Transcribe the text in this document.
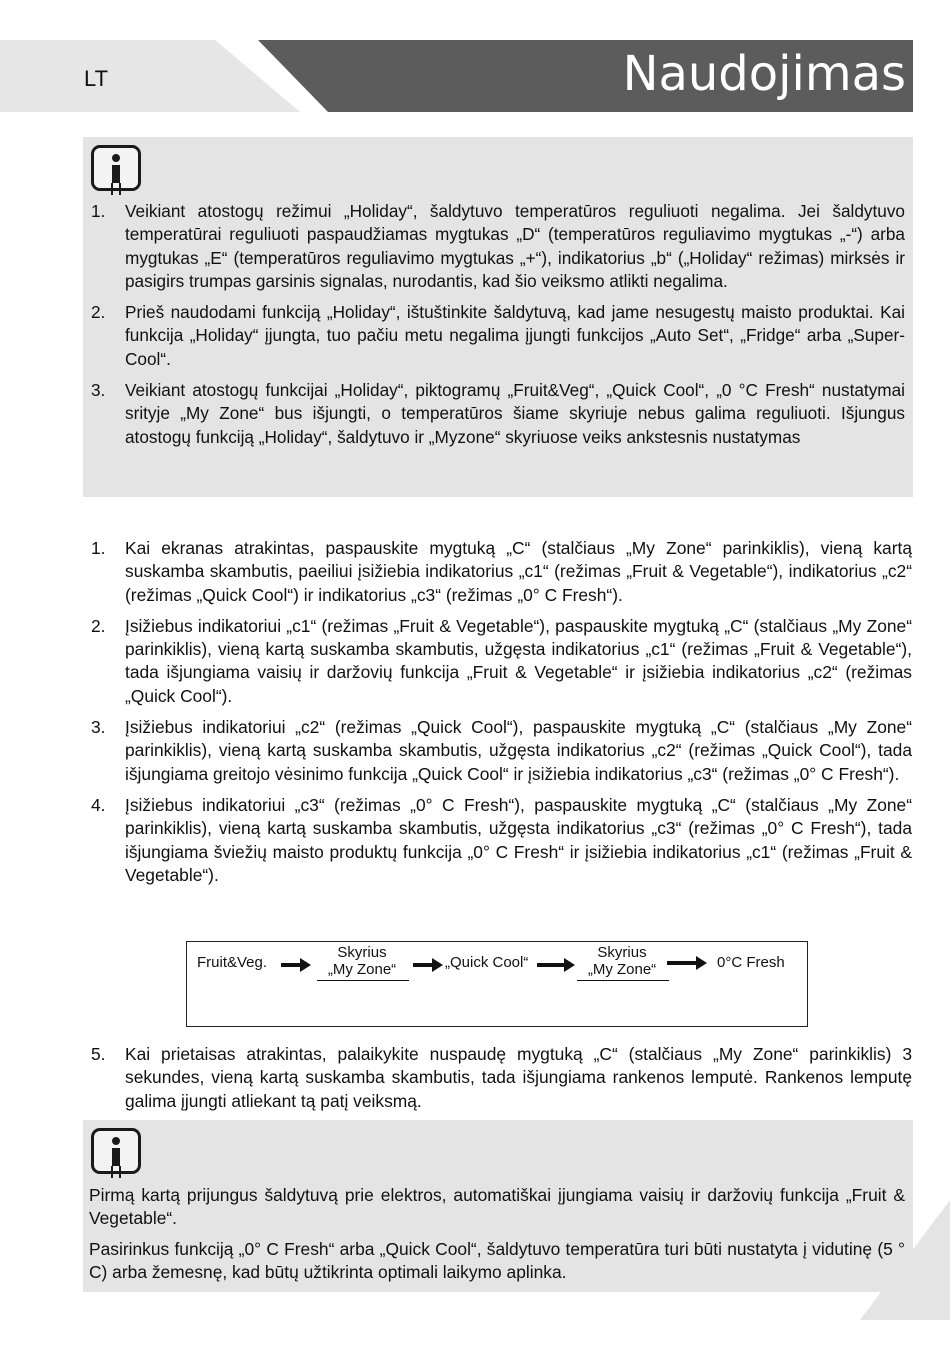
LT	Naudojimas
1. Veikiant atostogų režimui „Holiday“, šaldytuvo temperatūros reguliuoti negalima. Jei šaldytuvo temperatūrai reguliuoti paspaudžiamas mygtukas „D“ (temperatūros reguliavimo mygtukas „-“) arba mygtukas „E“ (temperatūros reguliavimo mygtukas „+“), indikatorius „b“ („Holiday“ režimas) mirksės ir pasigirs trumpas garsinis signalas, nurodantis, kad šio veiksmo atlikti negalima.
2. Prieš naudodami funkciją „Holiday“, ištuštinkite šaldytuvą, kad jame nesugestų maisto produktai. Kai funkcija „Holiday“ įjungta, tuo pačiu metu negalima įjungti funkcijos „Auto Set“, „Fridge“ arba „Super-Cool“.
3. Veikiant atostogų funkcijai „Holiday“, piktogramų „Fruit&Veg“, „Quick Cool“, „0 °C Fresh“ nustatymai srityje „My Zone“ bus išjungti, o temperatūros šiame skyriuje nebus galima reguliuoti. Išjungus atostogų funkciją „Holiday“, šaldytuvo ir „Myzone“ skyriuose veiks ankstesnis nustatymas
1. Kai ekranas atrakintas, paspauskite mygtuką „C“ (stalčiaus „My Zone“ parinkiklis), vieną kartą suskamba skambutis, paeiliui įsižiebia indikatorius „c1“ (režimas „Fruit & Vegetable“), indikatorius „c2“ (režimas „Quick Cool“) ir indikatorius „c3“ (režimas „0° C Fresh“).
2. Įsižiebus indikatoriui „c1“ (režimas „Fruit & Vegetable“), paspauskite mygtuką „C“ (stalčiaus „My Zone“ parinkiklis), vieną kartą suskamba skambutis, užgęsta indikatorius „c1“ (režimas „Fruit & Vegetable“), tada išjungiama vaisių ir daržovių funkcija „Fruit & Vegetable“ ir įsižiebia indikatorius „c2“ (režimas „Quick Cool“).
3. Įsižiebus indikatoriui „c2“ (režimas „Quick Cool“), paspauskite mygtuką „C“ (stalčiaus „My Zone“ parinkiklis), vieną kartą suskamba skambutis, užgęsta indikatorius „c2“ (režimas „Quick Cool“), tada išjungiama greitojo vėsinimo funkcija „Quick Cool“ ir įsižiebia indikatorius „c3“ (režimas „0° C Fresh“).
4. Įsižiebus indikatoriui „c3“ (režimas „0° C Fresh“), paspauskite mygtuką „C“ (stalčiaus „My Zone“ parinkiklis), vieną kartą suskamba skambutis, užgęsta indikatorius „c3“ (režimas „0° C Fresh“), tada išjungiama šviežių maisto produktų funkcija „0° C Fresh“ ir įsižiebia indikatorius „c1“ (režimas „Fruit & Vegetable“).
Fruit&Veg.
Skyrius
„My Zone“	„Quick Cool“
Skyrius
„My Zone“	0°C Fresh
5. Kai prietaisas atrakintas, palaikykite nuspaudę mygtuką „C“ (stalčiaus „My Zone“ parinkiklis) 3 sekundes, vieną kartą suskamba skambutis, tada išjungiama rankenos lemputė. Rankenos lemputę galima įjungti atliekant tą patį veiksmą.
Pirmą kartą prijungus šaldytuvą prie elektros, automatiškai įjungiama vaisių ir daržovių funkcija „Fruit & Vegetable“.
Pasirinkus funkciją „0° C Fresh“ arba „Quick Cool“, šaldytuvo temperatūra turi būti nustatyta į vidutinę (5 ° C) arba žemesnę, kad būtų užtikrinta optimali laikymo aplinka.
